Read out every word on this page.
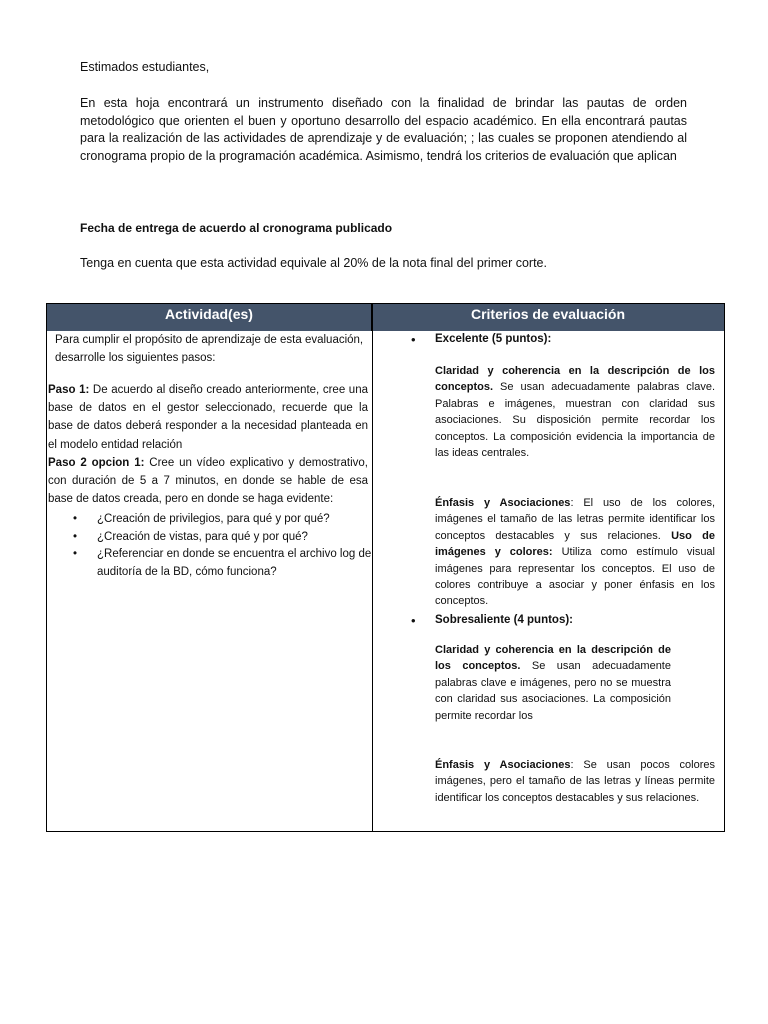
Estimados estudiantes,

En esta hoja encontrará un instrumento diseñado con la finalidad de brindar las pautas de orden metodológico que orienten el buen y oportuno desarrollo del espacio académico. En ella encontrará pautas para la realización de las actividades de aprendizaje y de evaluación; ; las cuales se proponen atendiendo al cronograma propio de la programación académica. Asimismo, tendrá los criterios de evaluación que aplican

Fecha de entrega de acuerdo al cronograma publicado
Tenga en cuenta que esta actividad equivale al 20% de la nota final del primer corte.
Actividad(es)	Criterios de evaluación
Para cumplir el propósito de aprendizaje de esta evaluación,
desarrolle los siguientes pasos:
Paso 1: De acuerdo al diseño creado anteriormente, cree una base de datos en el gestor seleccionado, recuerde que la base de datos deberá responder a la necesidad planteada en el modelo entidad relación
Paso 2 opcion 1: Cree un vídeo explicativo y demostrativo, con duración de 5 a 7 minutos, en donde se hable de esa base de datos creada, pero en donde se haga evidente:
• ¿Creación de privilegios, para qué y por qué?
• ¿Creación de vistas, para qué y por qué?
• ¿Referenciar en donde se encuentra el archivo log de auditoría de la BD, cómo funciona?
• Excelente (5 puntos):
Claridad y coherencia en la descripción de los conceptos. Se usan adecuadamente palabras clave. Palabras e imágenes, muestran con claridad sus asociaciones. Su disposición permite recordar los conceptos. La composición evidencia la importancia de las ideas centrales.
Énfasis y Asociaciones: El uso de los colores, imágenes el tamaño de las letras permite identificar los conceptos destacables y sus relaciones. Uso de imágenes y colores: Utiliza como estímulo visual imágenes para representar los conceptos. El uso de colores contribuye a asociar y poner énfasis en los conceptos.
• Sobresaliente (4 puntos):
Claridad y coherencia en la descripción de los conceptos. Se usan adecuadamente palabras clave e imágenes, pero no se muestra con claridad sus asociaciones. La composición permite recordar los
Énfasis y Asociaciones: Se usan pocos colores imágenes, pero el tamaño de las letras y líneas permite identificar los conceptos destacables y sus relaciones.
